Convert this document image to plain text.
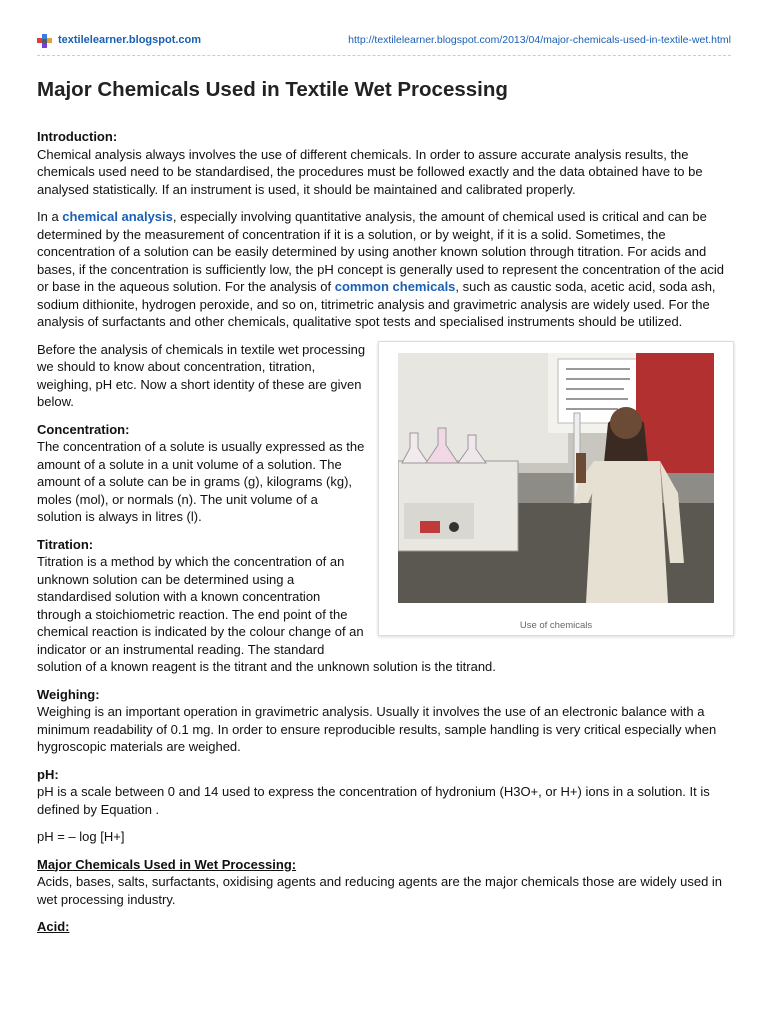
textilelearner.blogspot.com	http://textilelearner.blogspot.com/2013/04/major-chemicals-used-in-textile-wet.html
Major Chemicals Used in Textile Wet Processing

Introduction:
Chemical analysis always involves the use of different chemicals. In order to assure accurate analysis results, the chemicals used need to be standardised, the procedures must be followed exactly and the data obtained have to be analysed statistically. If an instrument is used, it should be maintained and calibrated properly.

In a chemical analysis, especially involving quantitative analysis, the amount of chemical used is critical and can be determined by the measurement of concentration if it is a solution, or by weight, if it is a solid. Sometimes, the concentration of a solution can be easily determined by using another known solution through titration. For acids and bases, if the concentration is sufficiently low, the pH concept is generally used to represent the concentration of the acid or base in the aqueous solution. For the analysis of common chemicals, such as caustic soda, acetic acid, soda ash, sodium dithionite, hydrogen peroxide, and so on, titrimetric analysis and gravimetric analysis are widely used. For the analysis of surfactants and other chemicals, qualitative spot tests and specialised instruments should be utilized.

Use of chemicals

Before the analysis of chemicals in textile wet processing we should to know about concentration, titration, weighing, pH etc. Now a short identity of these are given below.

Concentration:
The concentration of a solute is usually expressed as the amount of a solute in a unit volume of a solution. The amount of a solute can be in grams (g), kilograms (kg), moles (mol), or normals (n). The unit volume of a solution is always in litres (l).

Titration:
Titration is a method by which the concentration of an unknown solution can be determined using a standardised solution with a known concentration through a stoichiometric reaction. The end point of the chemical reaction is indicated by the colour change of an indicator or an instrumental reading. The standard solution of a known reagent is the titrant and the unknown solution is the titrand.

Weighing:
Weighing is an important operation in gravimetric analysis. Usually it involves the use of an electronic balance with a minimum readability of 0.1 mg. In order to ensure reproducible results, sample handling is very critical especially when hygroscopic materials are weighed.

pH:
pH is a scale between 0 and 14 used to express the concentration of hydronium (H3O+, or H+) ions in a solution. It is defined by Equation .

pH = – log [H+]

Major Chemicals Used in Wet Processing:
Acids, bases, salts, surfactants, oxidising agents and reducing agents are the major chemicals those are widely used in wet processing industry.

Acid:
